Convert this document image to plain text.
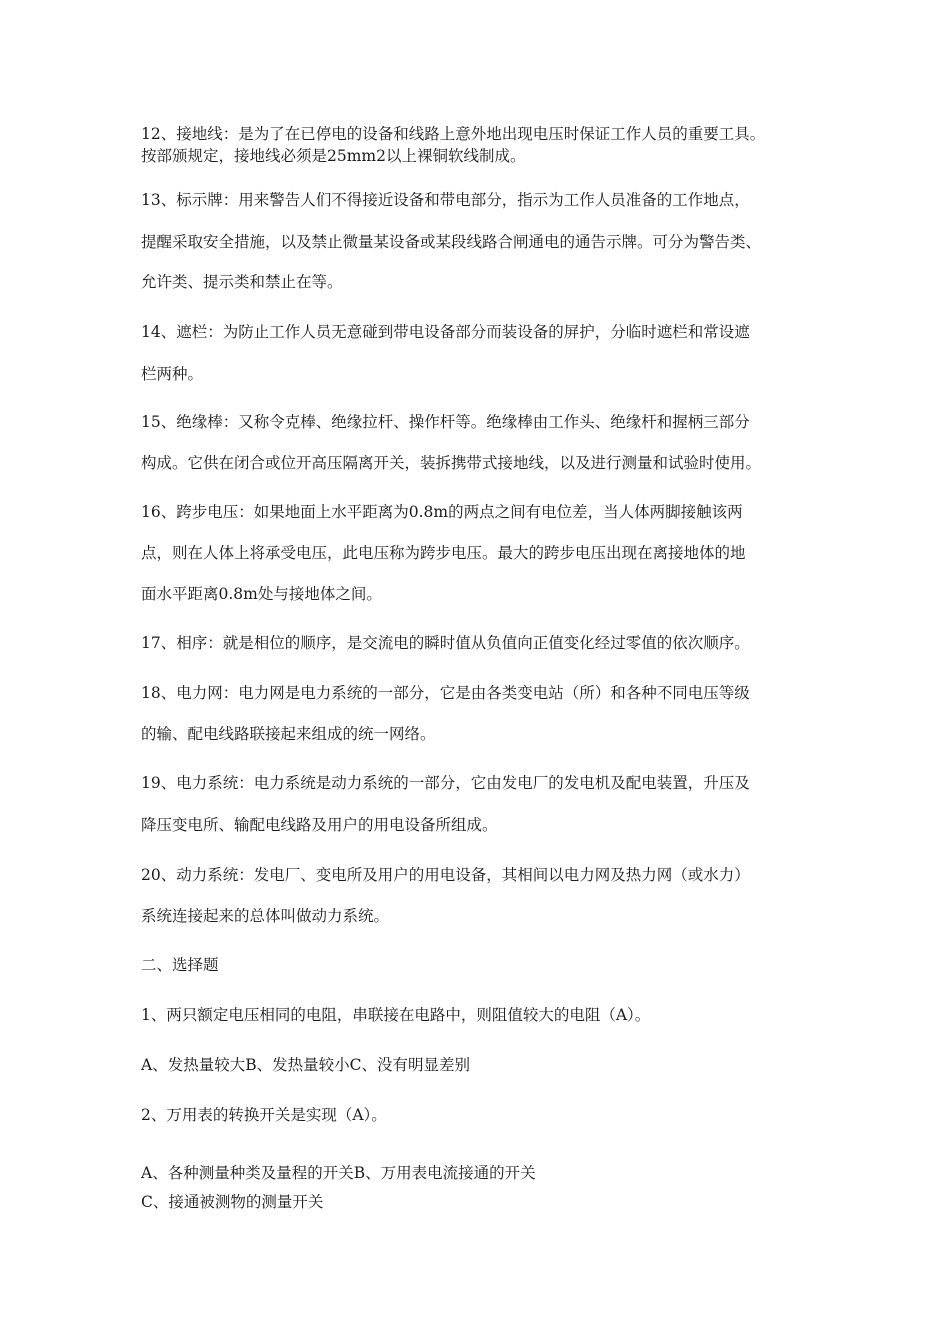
12、接地线：是为了在已停电的设备和线路上意外地出现电压时保证工作人员的重要工具。
按部颁规定，接地线必须是25mm2以上裸铜软线制成。
13、标示牌：用来警告人们不得接近设备和带电部分，指示为工作人员准备的工作地点，
提醒采取安全措施，以及禁止微量某设备或某段线路合闸通电的通告示牌。可分为警告类、
允许类、提示类和禁止在等。
14、遮栏：为防止工作人员无意碰到带电设备部分而装设备的屏护，分临时遮栏和常设遮
栏两种。
15、绝缘棒：又称令克棒、绝缘拉杆、操作杆等。绝缘棒由工作头、绝缘杆和握柄三部分
构成。它供在闭合或位开高压隔离开关，装拆携带式接地线，以及进行测量和试验时使用。
16、跨步电压：如果地面上水平距离为0.8m的两点之间有电位差，当人体两脚接触该两
点，则在人体上将承受电压，此电压称为跨步电压。最大的跨步电压出现在离接地体的地
面水平距离0.8m处与接地体之间。
17、相序：就是相位的顺序，是交流电的瞬时值从负值向正值变化经过零值的依次顺序。
18、电力网：电力网是电力系统的一部分，它是由各类变电站（所）和各种不同电压等级
的输、配电线路联接起来组成的统一网络。
19、电力系统：电力系统是动力系统的一部分，它由发电厂的发电机及配电装置，升压及
降压变电所、输配电线路及用户的用电设备所组成。
20、动力系统：发电厂、变电所及用户的用电设备，其相间以电力网及热力网（或水力）
系统连接起来的总体叫做动力系统。
二、选择题
1、两只额定电压相同的电阻，串联接在电路中，则阻值较大的电阻（A）。
A、发热量较大B、发热量较小C、没有明显差别
2、万用表的转换开关是实现（A）。
A、各种测量种类及量程的开关B、万用表电流接通的开关
C、接通被测物的测量开关
